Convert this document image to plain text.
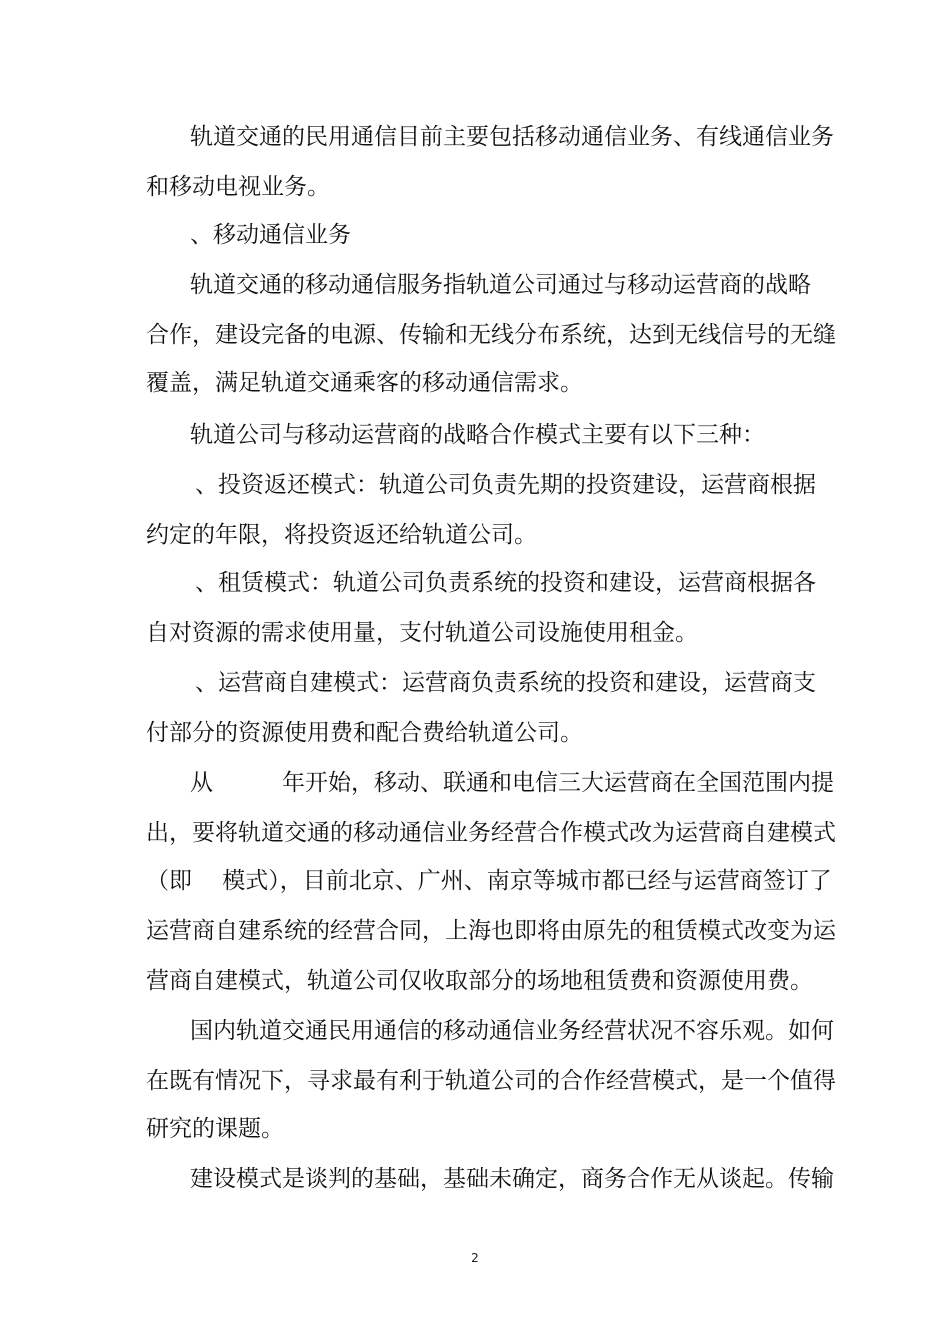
轨道交通的民用通信目前主要包括移动通信业务、有线通信业务
和移动电视业务。
、移动通信业务
轨道交通的移动通信服务指轨道公司通过与移动运营商的战略
合作，建设完备的电源、传输和无线分布系统，达到无线信号的无缝
覆盖，满足轨道交通乘客的移动通信需求。
轨道公司与移动运营商的战略合作模式主要有以下三种：
、投资返还模式：轨道公司负责先期的投资建设，运营商根据
约定的年限，将投资返还给轨道公司。
、租赁模式：轨道公司负责系统的投资和建设，运营商根据各
自对资源的需求使用量，支付轨道公司设施使用租金。
、运营商自建模式：运营商负责系统的投资和建设，运营商支
付部分的资源使用费和配合费给轨道公司。
从　　　年开始，移动、联通和电信三大运营商在全国范围内提
出，要将轨道交通的移动通信业务经营合作模式改为运营商自建模式
（即　 模式），目前北京、广州、南京等城市都已经与运营商签订了
运营商自建系统的经营合同，上海也即将由原先的租赁模式改变为运
营商自建模式，轨道公司仅收取部分的场地租赁费和资源使用费。
国内轨道交通民用通信的移动通信业务经营状况不容乐观。如何
在既有情况下，寻求最有利于轨道公司的合作经营模式，是一个值得
研究的课题。
建设模式是谈判的基础，基础未确定，商务合作无从谈起。传输
2
